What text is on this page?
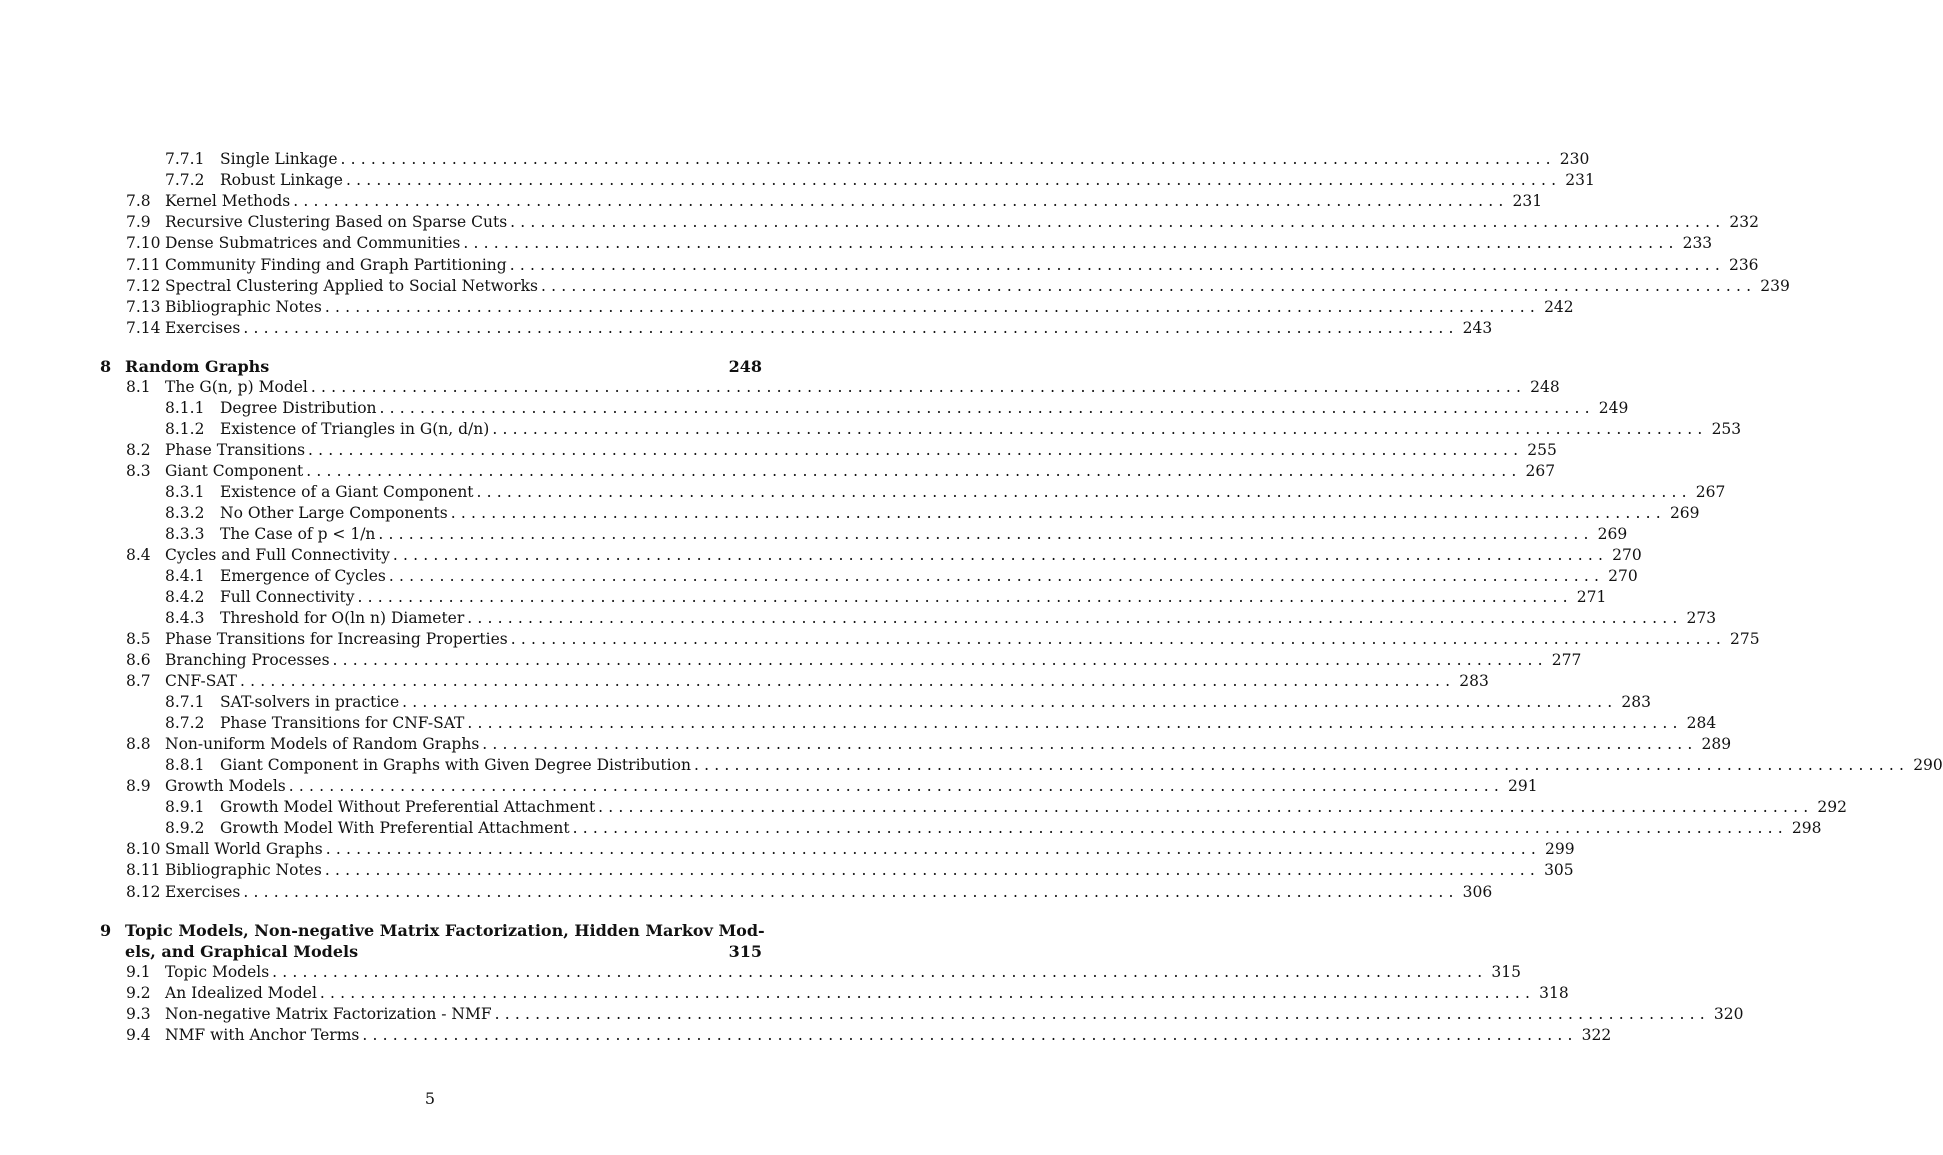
7.7.1	Single Linkage ........................................................................................................................ 230
7.7.2	Robust Linkage ........................................................................................................................ 231
7.8 Kernel Methods ........................................................................................................................ 231
7.9 Recursive Clustering Based on Sparse Cuts ........................................................................................................................ 232
7.10 Dense Submatrices and Communities ........................................................................................................................ 233
7.11 Community Finding and Graph Partitioning ........................................................................................................................ 236
7.12 Spectral Clustering Applied to Social Networks ........................................................................................................................ 239
7.13 Bibliographic Notes ........................................................................................................................ 242
7.14 Exercises ........................................................................................................................ 243
8 Random Graphs	248
8.1 The G(n, p) Model ........................................................................................................................ 248
8.1.1	Degree Distribution ........................................................................................................................ 249
8.1.2	Existence of Triangles in G(n, d/n) ........................................................................................................................ 253
8.2 Phase Transitions ........................................................................................................................ 255
8.3 Giant Component ........................................................................................................................ 267
8.3.1	Existence of a Giant Component ........................................................................................................................ 267
8.3.2	No Other Large Components ........................................................................................................................ 269
8.3.3	The Case of p < 1/n ........................................................................................................................ 269
8.4 Cycles and Full Connectivity ........................................................................................................................ 270
8.4.1	Emergence of Cycles ........................................................................................................................ 270
8.4.2	Full Connectivity ........................................................................................................................ 271
8.4.3	Threshold for O(ln n) Diameter ........................................................................................................................ 273
8.5 Phase Transitions for Increasing Properties ........................................................................................................................ 275
8.6 Branching Processes ........................................................................................................................ 277
8.7 CNF-SAT ........................................................................................................................ 283
8.7.1	SAT-solvers in practice ........................................................................................................................ 283
8.7.2	Phase Transitions for CNF-SAT ........................................................................................................................ 284
8.8 Non-uniform Models of Random Graphs ........................................................................................................................ 289
8.8.1	Giant Component in Graphs with Given Degree Distribution ........................................................................................................................ 290
8.9 Growth Models ........................................................................................................................ 291
8.9.1	Growth Model Without Preferential Attachment ........................................................................................................................ 292
8.9.2	Growth Model With Preferential Attachment ........................................................................................................................ 298
8.10 Small World Graphs ........................................................................................................................ 299
8.11 Bibliographic Notes ........................................................................................................................ 305
8.12 Exercises ........................................................................................................................ 306
9 Topic Models, Non-negative Matrix Factorization, Hidden Markov Mod-
els, and Graphical Models	315
9.1 Topic Models ........................................................................................................................ 315
9.2 An Idealized Model ........................................................................................................................ 318
9.3 Non-negative Matrix Factorization - NMF ........................................................................................................................ 320
9.4 NMF with Anchor Terms ........................................................................................................................ 322
5
